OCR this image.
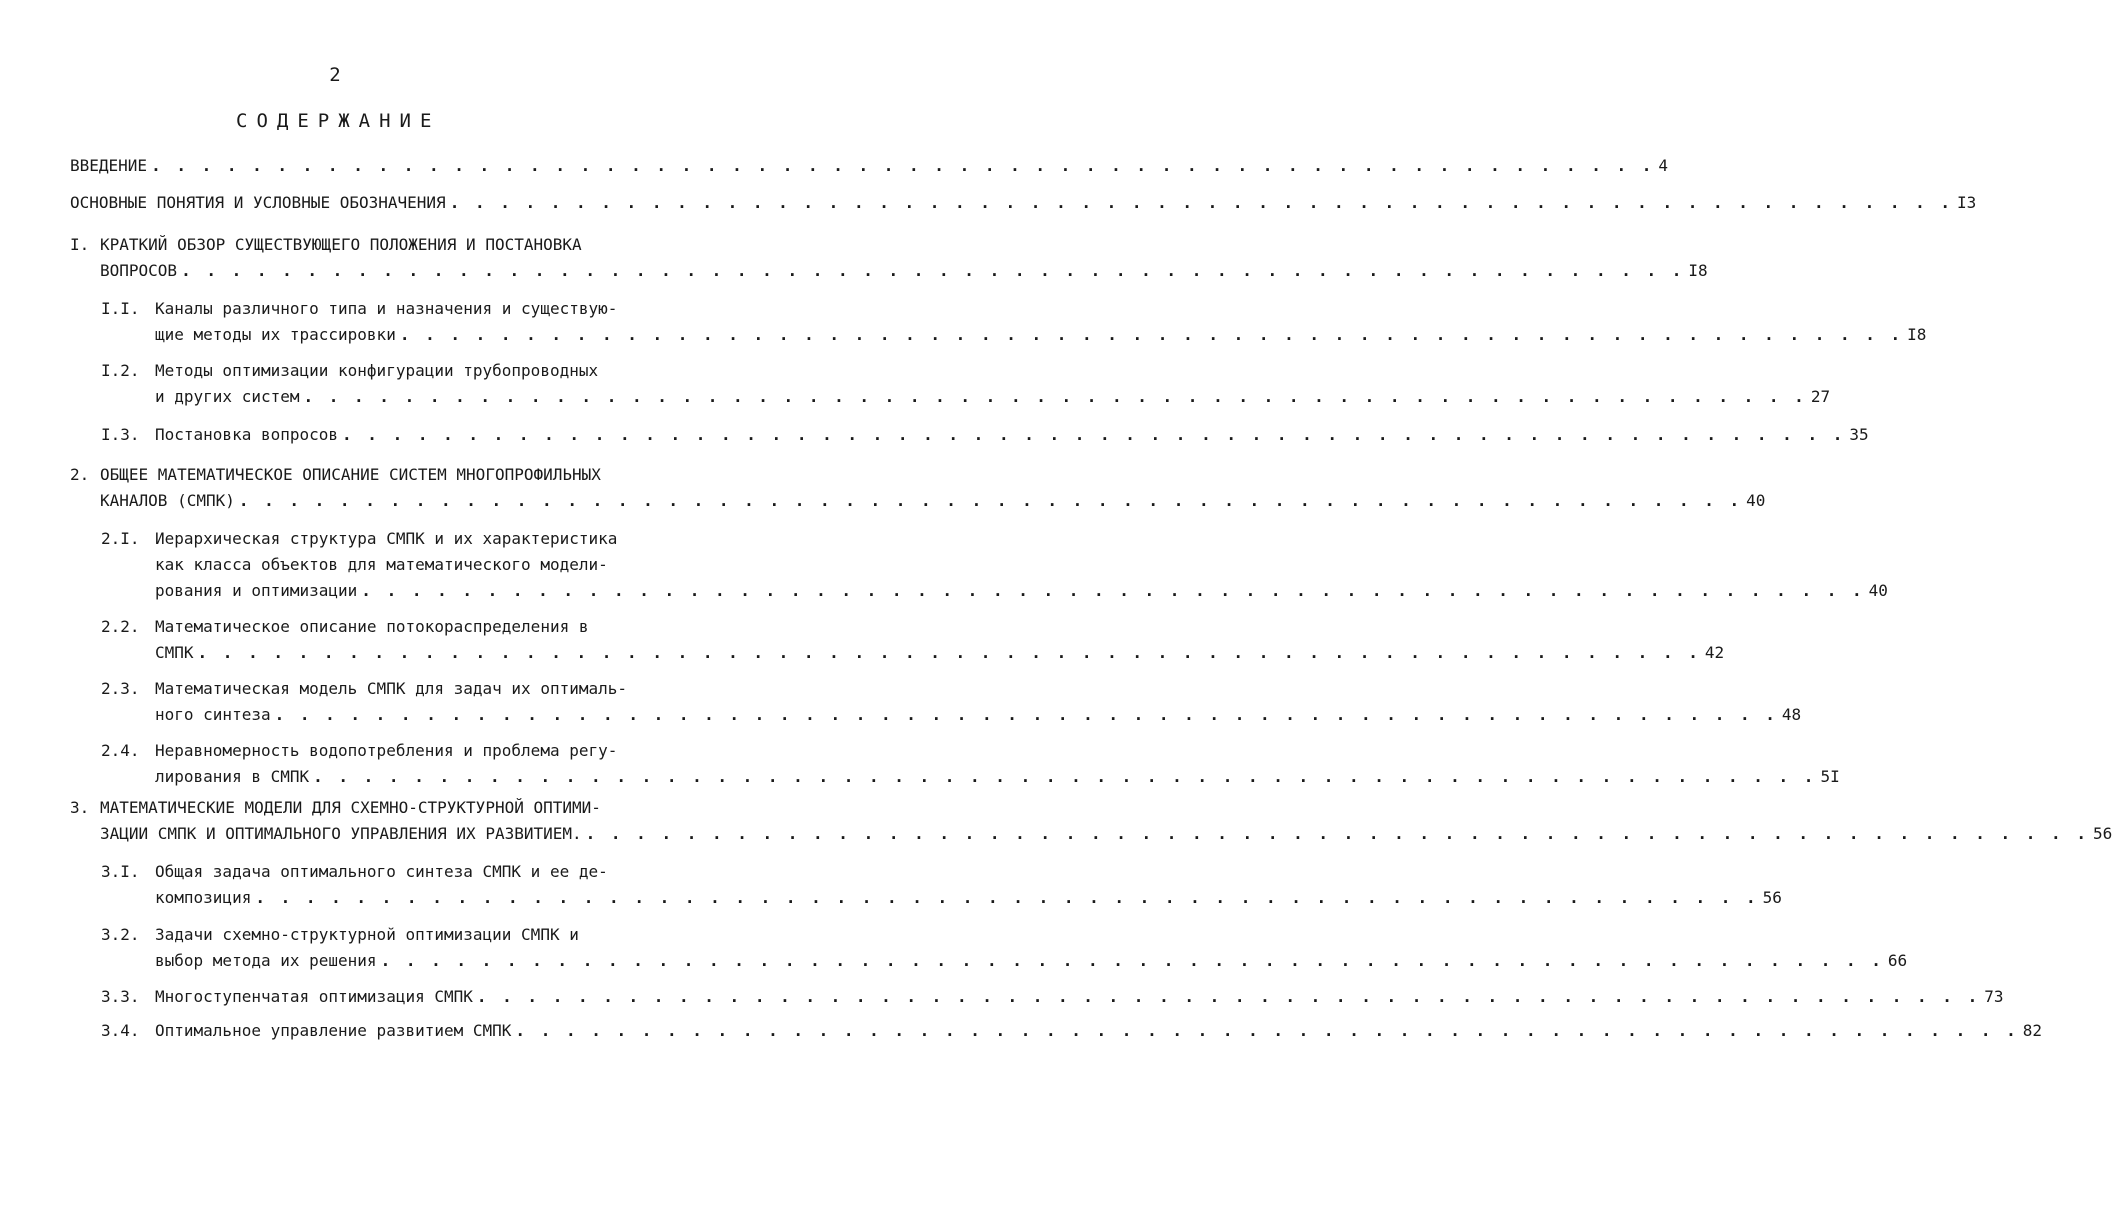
2
СОДЕРЖАНИЕ
ВВЕДЕНИЕ . . . . . . . . . . . . . . . . . . . . . . . . . . . . . . . . . . . . . . . . . . . . . . . . . . . . . . . . . . . . 4
ОСНОВНЫЕ ПОНЯТИЯ И УСЛОВНЫЕ ОБОЗНАЧЕНИЯ . . . . . . . . . . . . . . . . . . . . . . . . . . . . . . . . . . . . . . . . . . . . . . . . . . . . . . . . . . . . I3
I. КРАТКИЙ ОБЗОР СУЩЕСТВУЮЩЕГО ПОЛОЖЕНИЯ И ПОСТАНОВКА
ВОПРОСОВ . . . . . . . . . . . . . . . . . . . . . . . . . . . . . . . . . . . . . . . . . . . . . . . . . . . . . . . . . . . . I8
I.I. Каналы различного типа и назначения и существую-
щие методы их трассировки . . . . . . . . . . . . . . . . . . . . . . . . . . . . . . . . . . . . . . . . . . . . . . . . . . . . . . . . . . . . I8
I.2. Методы оптимизации конфигурации трубопроводных
и других систем . . . . . . . . . . . . . . . . . . . . . . . . . . . . . . . . . . . . . . . . . . . . . . . . . . . . . . . . . . . . 27
I.3. Постановка вопросов . . . . . . . . . . . . . . . . . . . . . . . . . . . . . . . . . . . . . . . . . . . . . . . . . . . . . . . . . . . . 35
2. ОБЩЕЕ МАТЕМАТИЧЕСКОЕ ОПИСАНИЕ СИСТЕМ МНОГОПРОФИЛЬНЫХ
КАНАЛОВ (СМПК) . . . . . . . . . . . . . . . . . . . . . . . . . . . . . . . . . . . . . . . . . . . . . . . . . . . . . . . . . . . . 40
2.I. Иерархическая структура СМПК и их характеристика
как класса объектов для математического модели-
рования и оптимизации . . . . . . . . . . . . . . . . . . . . . . . . . . . . . . . . . . . . . . . . . . . . . . . . . . . . . . . . . . . . 40
2.2. Математическое описание потокораспределения в
СМПК . . . . . . . . . . . . . . . . . . . . . . . . . . . . . . . . . . . . . . . . . . . . . . . . . . . . . . . . . . . . 42
2.3. Математическая модель СМПК для задач их оптималь-
ного синтеза . . . . . . . . . . . . . . . . . . . . . . . . . . . . . . . . . . . . . . . . . . . . . . . . . . . . . . . . . . . . 48
2.4. Неравномерность водопотребления и проблема регу-
лирования в СМПК . . . . . . . . . . . . . . . . . . . . . . . . . . . . . . . . . . . . . . . . . . . . . . . . . . . . . . . . . . . . 5I
3. МАТЕМАТИЧЕСКИЕ МОДЕЛИ ДЛЯ СХЕМНО-СТРУКТУРНОЙ ОПТИМИ-
ЗАЦИИ СМПК И ОПТИМАЛЬНОГО УПРАВЛЕНИЯ ИХ РАЗВИТИЕМ. . . . . . . . . . . . . . . . . . . . . . . . . . . . . . . . . . . . . . . . . . . . . . . . . . . . . . . . . . . . . 56
3.I. Общая задача оптимального синтеза СМПК и ее де-
композиция . . . . . . . . . . . . . . . . . . . . . . . . . . . . . . . . . . . . . . . . . . . . . . . . . . . . . . . . . . . . 56
3.2. Задачи схемно-структурной оптимизации СМПК и
выбор метода их решения . . . . . . . . . . . . . . . . . . . . . . . . . . . . . . . . . . . . . . . . . . . . . . . . . . . . . . . . . . . . 66
3.3. Многоступенчатая оптимизация СМПК . . . . . . . . . . . . . . . . . . . . . . . . . . . . . . . . . . . . . . . . . . . . . . . . . . . . . . . . . . . . 73
3.4. Оптимальное управление развитием СМПК . . . . . . . . . . . . . . . . . . . . . . . . . . . . . . . . . . . . . . . . . . . . . . . . . . . . . . . . . . . . 82
